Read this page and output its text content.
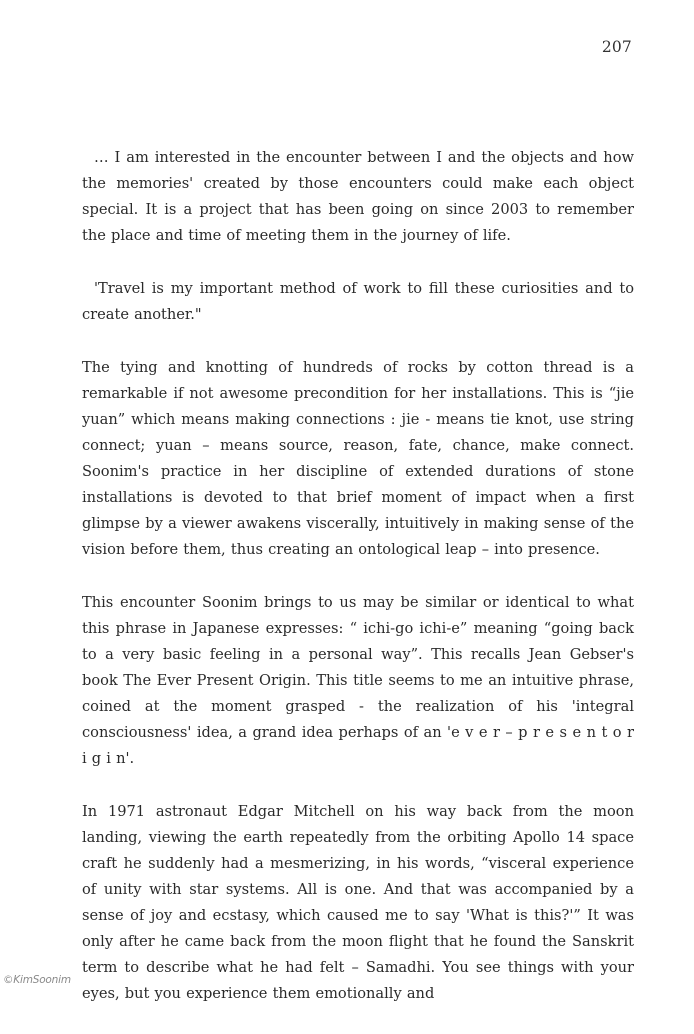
207

… I am interested in the encounter between I and the objects and how the memories' created by those encounters could make each object special. It is a project that has been going on since 2003 to remember the place and time of meeting them in the journey of life.

'Travel is my important method of work to fill these curiosities and to create another."

The tying and knotting of hundreds of rocks by cotton thread is a remarkable if not awesome precondition for her installations. This is “jie yuan” which means making connections : jie - means tie knot, use string connect; yuan – means source, reason, fate, chance, make connect. Soonim's practice in her discipline of extended durations of stone installations is devoted to that brief moment of impact when a first glimpse by a viewer awakens viscerally, intuitively in making sense of the vision before them, thus creating an ontological leap – into presence.

This encounter Soonim brings to us may be similar or identical to what this phrase in Japanese expresses: “ ichi-go ichi-e” meaning “going back to a very basic feeling in a personal way”. This recalls Jean Gebser's book The Ever Present Origin. This title seems to me an intuitive phrase, coined at the moment grasped - the realization of his 'integral consciousness' idea, a grand idea perhaps of an 'e v e r – p r e s e n t o r i g i n'.

In 1971 astronaut Edgar Mitchell on his way back from the moon landing, viewing the earth repeatedly from the orbiting Apollo 14 space craft he suddenly had a mesmerizing, in his words, “visceral experience of unity with star systems. All is one. And that was accompanied by a sense of joy and ecstasy, which caused me to say 'What is this?'” It was only after he came back from the moon flight that he found the Sanskrit term to describe what he had felt – Samadhi. You see things with your eyes, but you experience them emotionally and

©KimSoonim
